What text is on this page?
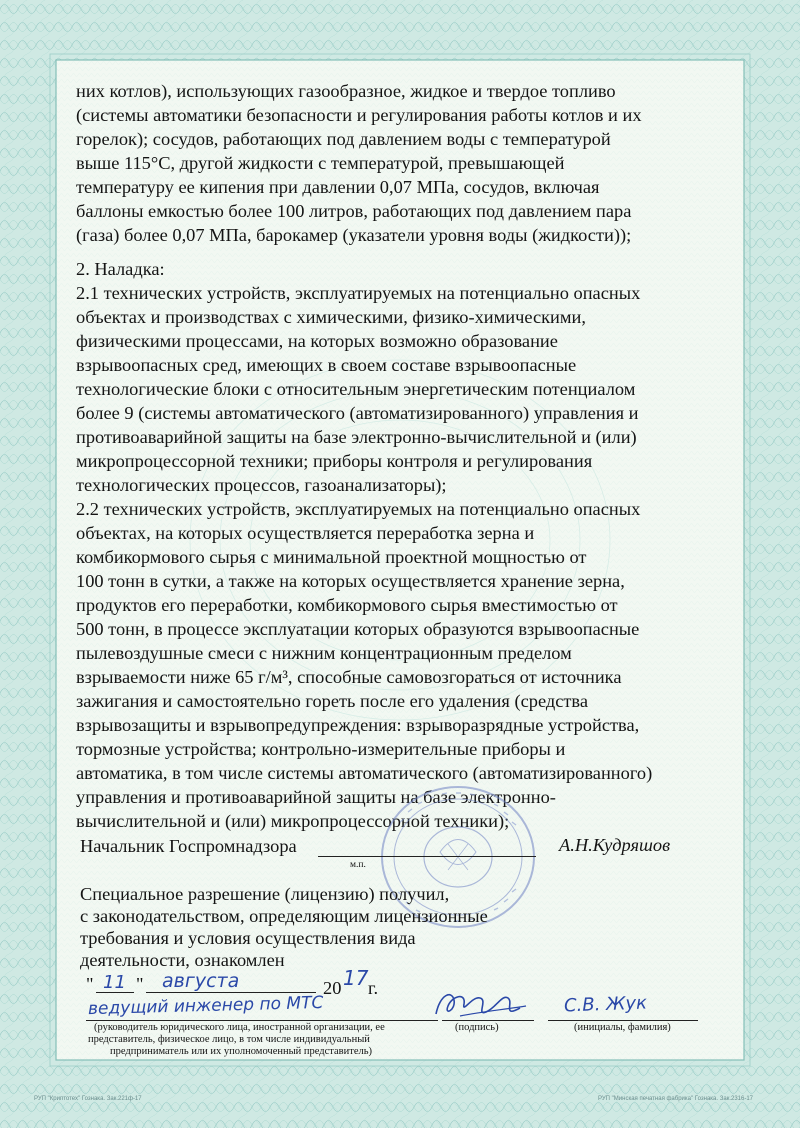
них котлов), использующих газообразное, жидкое и твердое топливо
(системы автоматики безопасности и регулирования работы котлов и их
горелок); сосудов, работающих под давлением воды с температурой
выше 115°С, другой жидкости с температурой, превышающей
температуру ее кипения при давлении 0,07 МПа, сосудов, включая
баллоны емкостью более 100 литров, работающих под давлением пара
(газа) более 0,07 МПа, барокамер (указатели уровня воды (жидкости));
2. Наладка:
2.1 технических устройств, эксплуатируемых на потенциально опасных
объектах и производствах с химическими, физико-химическими,
физическими процессами, на которых возможно образование
взрывоопасных сред, имеющих в своем составе взрывоопасные
технологические блоки с относительным энергетическим потенциалом
более 9 (системы автоматического (автоматизированного) управления и
противоаварийной защиты на базе электронно-вычислительной и (или)
микропроцессорной техники; приборы контроля и регулирования
технологических процессов, газоанализаторы);
2.2 технических устройств, эксплуатируемых на потенциально опасных
объектах, на которых осуществляется переработка зерна и
комбикормового сырья с минимальной проектной мощностью от
100 тонн в сутки, а также на которых осуществляется хранение зерна,
продуктов его переработки, комбикормового сырья вместимостью от
500 тонн, в процессе эксплуатации которых образуются взрывоопасные
пылевоздушные смеси с нижним концентрационным пределом
взрываемости ниже 65 г/м³, способные самовозгораться от источника
зажигания и самостоятельно гореть после его удаления (средства
взрывозащиты и взрывопредупреждения: взрыворазрядные устройства,
тормозные устройства; контрольно-измерительные приборы и
автоматика, в том числе системы автоматического (автоматизированного)
управления и противоаварийной защиты на базе электронно-
вычислительной и (или) микропроцессорной техники);
Начальник Госпромнадзора
м.п.
А.Н.Кудряшов
Специальное разрешение (лицензию) получил,
с законодательством, определяющим лицензионные
требования и условия осуществления вида
деятельности, ознакомлен
" 11 " августа	20 17 г.
ведущий инженер по МТС	С.В. Жук
(руководитель юридического лица, иностранной организации, ее
представитель, физическое лицо, в том числе индивидуальный
предприниматель или их уполномоченный представитель)
(подпись)	(инициалы, фамилия)
РУП "Криптотех" Гознака. Зак.221ф-17	РУП "Минская печатная фабрика" Гознака. Зак.2316-17
